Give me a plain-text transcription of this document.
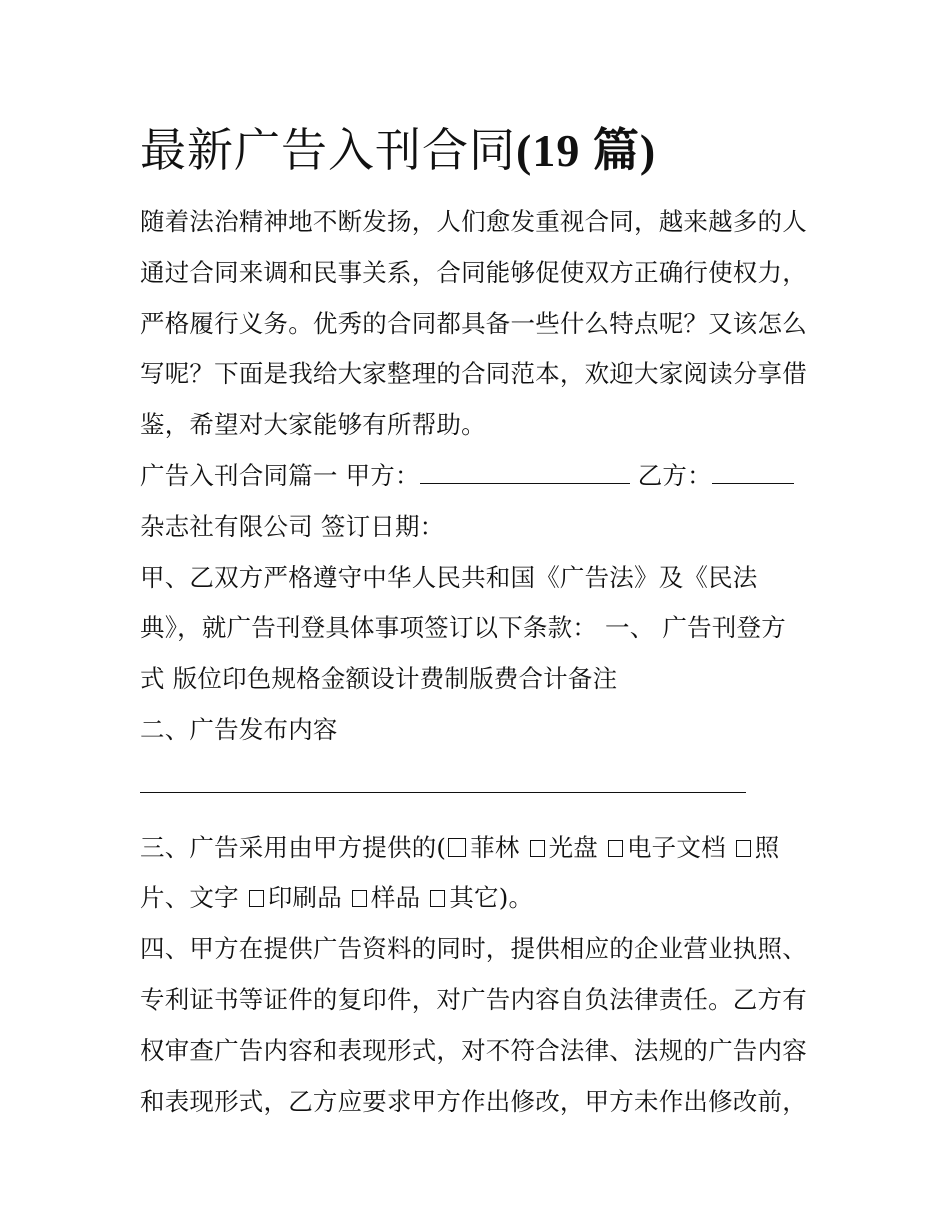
最新广告入刊合同(19 篇)
随着法治精神地不断发扬，人们愈发重视合同，越来越多的人
通过合同来调和民事关系，合同能够促使双方正确行使权力，
严格履行义务。优秀的合同都具备一些什么特点呢？又该怎么
写呢？下面是我给大家整理的合同范本，欢迎大家阅读分享借
鉴，希望对大家能够有所帮助。
广告入刊合同篇一 甲方：	乙方：
杂志社有限公司 签订日期：
甲、乙双方严格遵守中华人民共和国《广告法》及《民法
典》，就广告刊登具体事项签订以下条款： 一、 广告刊登方
式 版位印色规格金额设计费制版费合计备注
二、广告发布内容
三、广告采用由甲方提供的( 菲林 光盘 电子文档 照
片、文字 印刷品 样品 其它)。
四、甲方在提供广告资料的同时，提供相应的企业营业执照、
专利证书等证件的复印件，对广告内容自负法律责任。乙方有
权审查广告内容和表现形式，对不符合法律、法规的广告内容
和表现形式，乙方应要求甲方作出修改，甲方未作出修改前，
